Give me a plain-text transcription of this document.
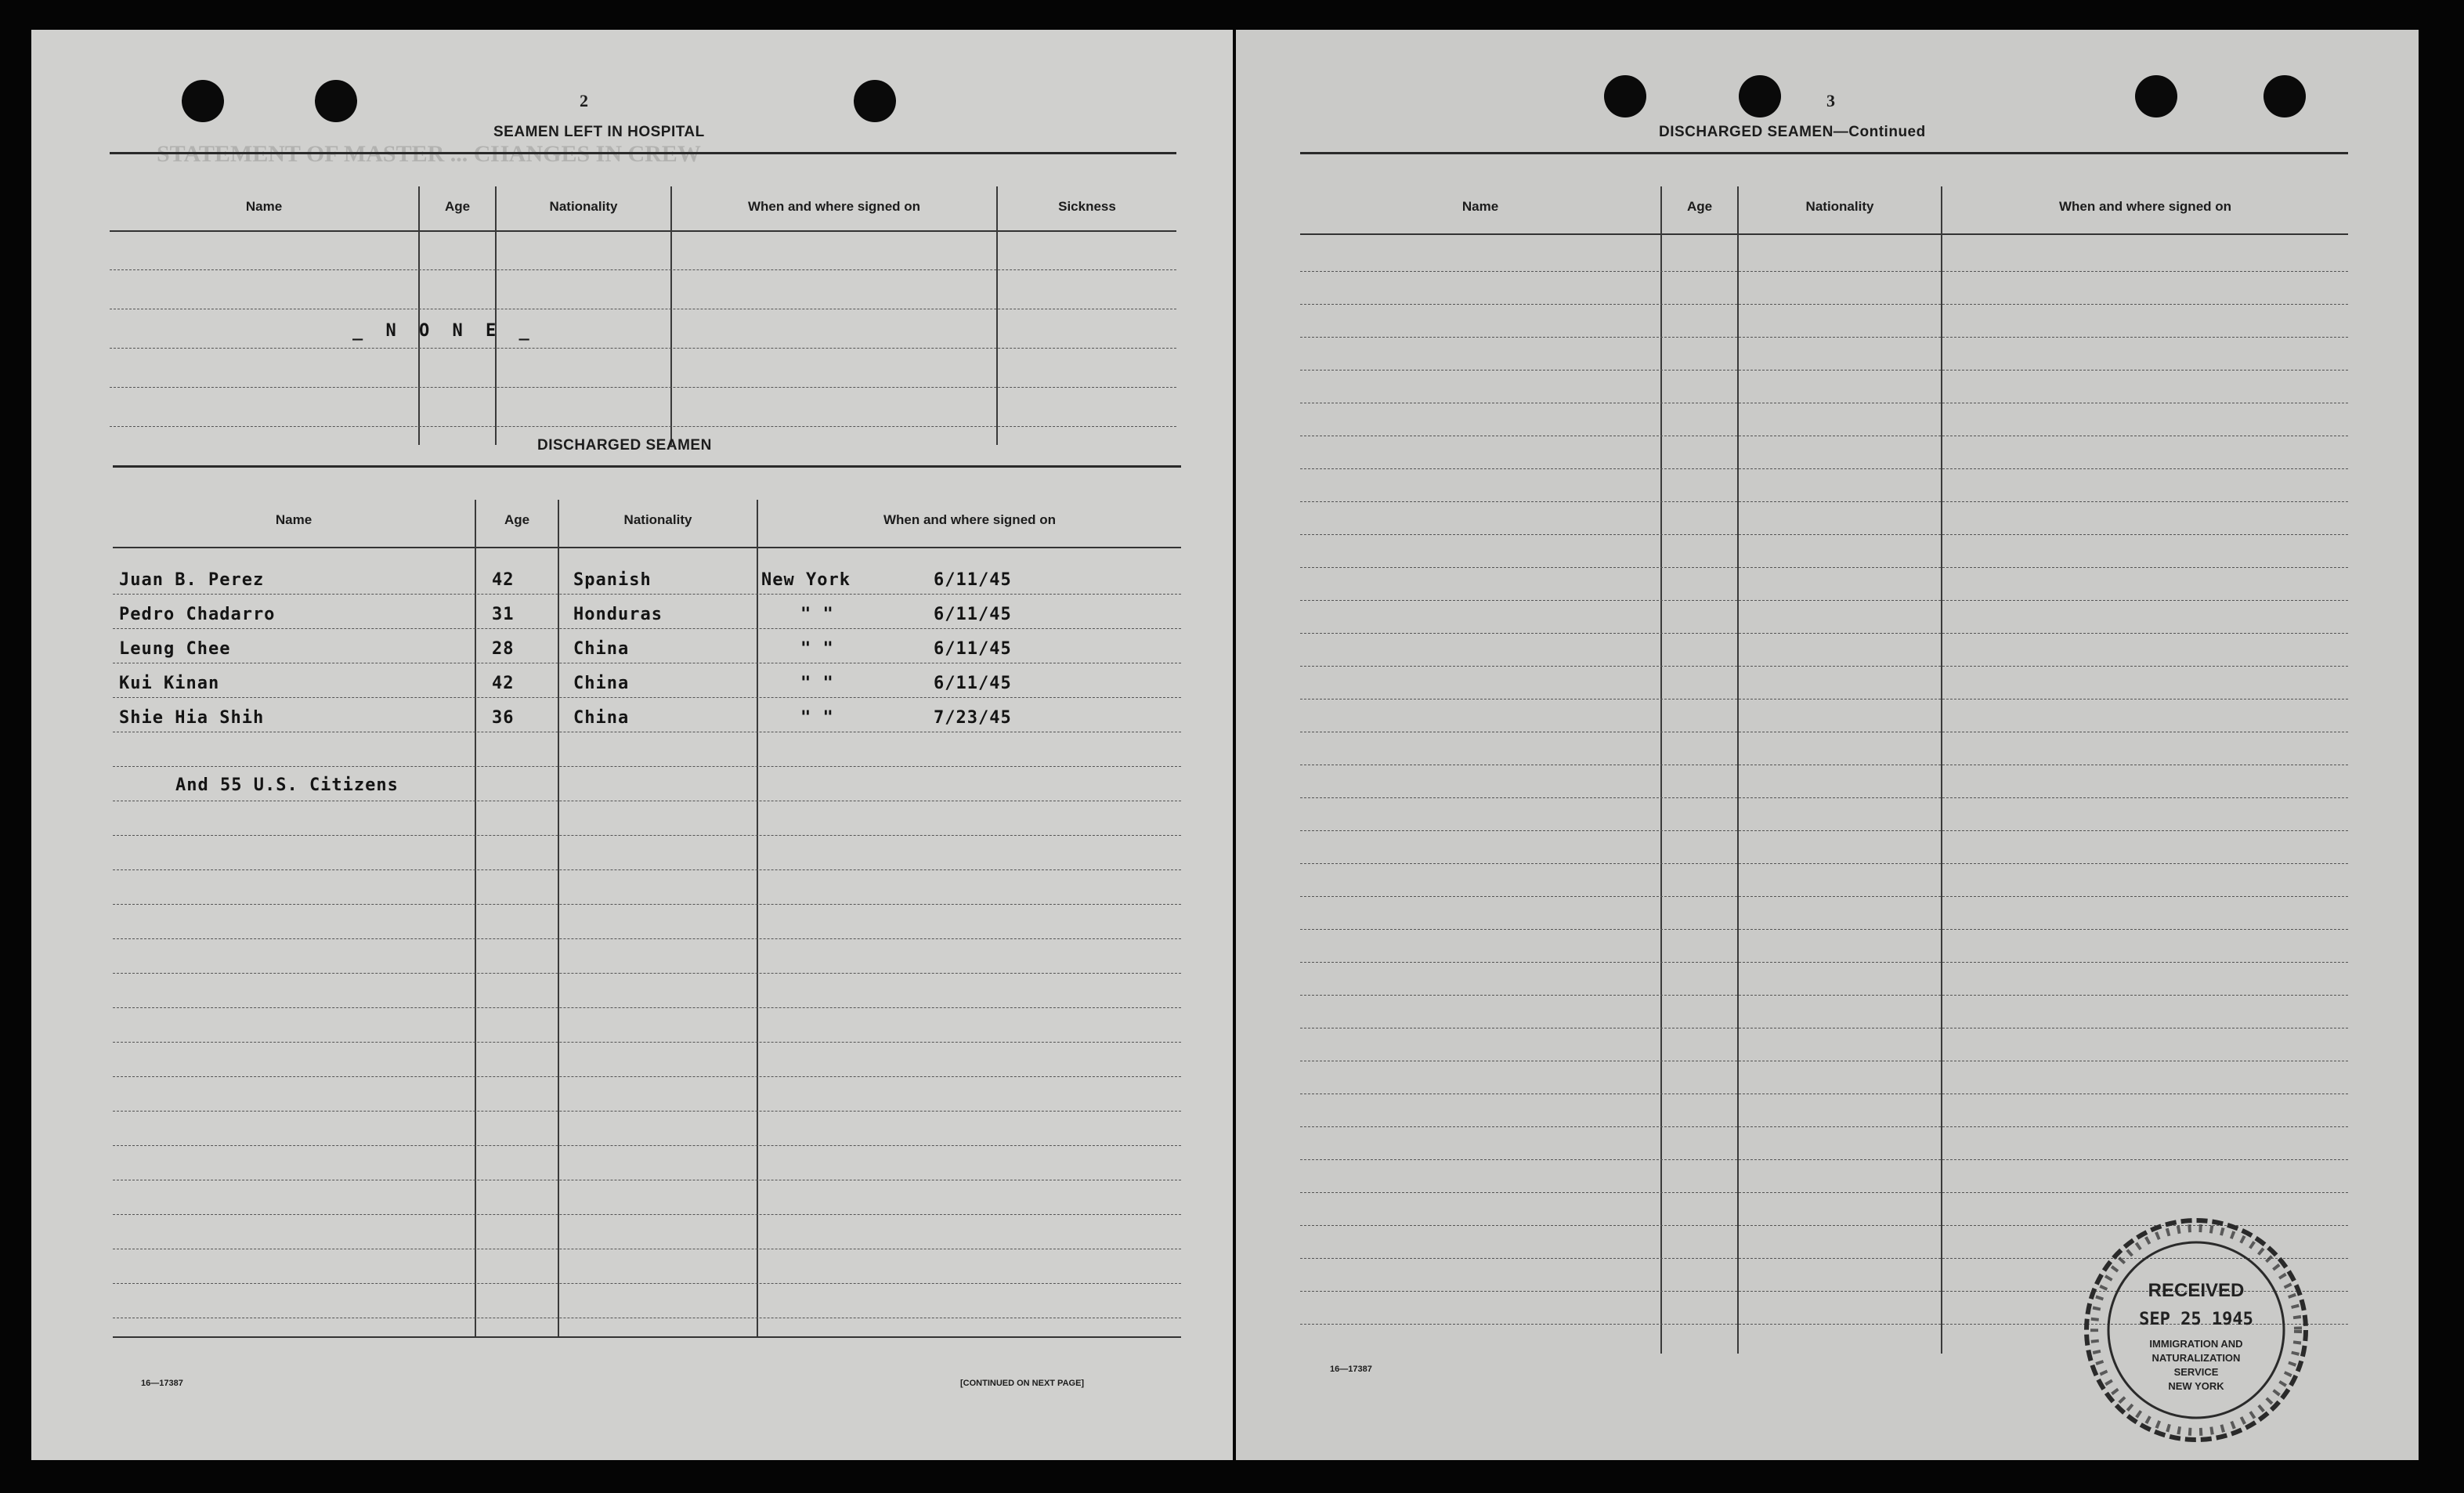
STATEMENT OF MASTER ... CHANGES IN CREW
2
SEAMEN LEFT IN HOSPITAL
Name	Age	Nationality	When and where signed on	Sickness
_ N O N E _
DISCHARGED SEAMEN
Name	Age	Nationality	When and where signed on
Juan B. Perez	42	Spanish	New York	6/11/45
Pedro Chadarro	31	Honduras	" "	6/11/45
Leung Chee	28	China	" "	6/11/45
Kui Kinan	42	China	" "	6/11/45
Shie Hia Shih	36	China	" "	7/23/45
And 55 U.S. Citizens
16—17387	[CONTINUED ON NEXT PAGE]
3
DISCHARGED SEAMEN—Continued
Name	Age	Nationality	When and where signed on
16—17387
RECEIVED
SEP 25 1945
IMMIGRATION AND
NATURALIZATION
SERVICE
NEW YORK
